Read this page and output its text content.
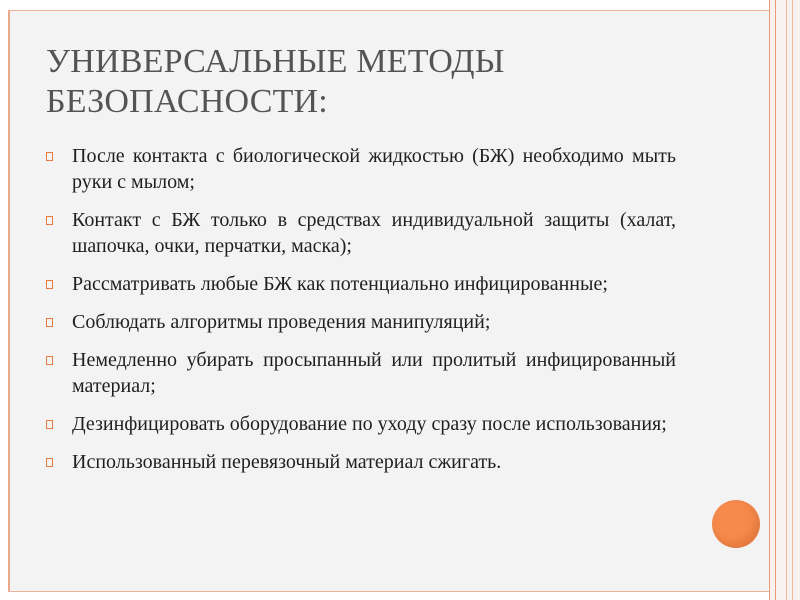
УНИВЕРСАЛЬНЫЕ МЕТОДЫ БЕЗОПАСНОСТИ:
После контакта с биологической жидкостью (БЖ) необходимо мыть руки с мылом;
Контакт с БЖ только в средствах индивидуальной защиты (халат, шапочка, очки, перчатки, маска);
Рассматривать любые БЖ как потенциально инфицированные;
Соблюдать алгоритмы проведения манипуляций;
Немедленно убирать просыпанный или пролитый инфицированный материал;
Дезинфицировать оборудование по уходу сразу после использования;
Использованный перевязочный материал сжигать.
